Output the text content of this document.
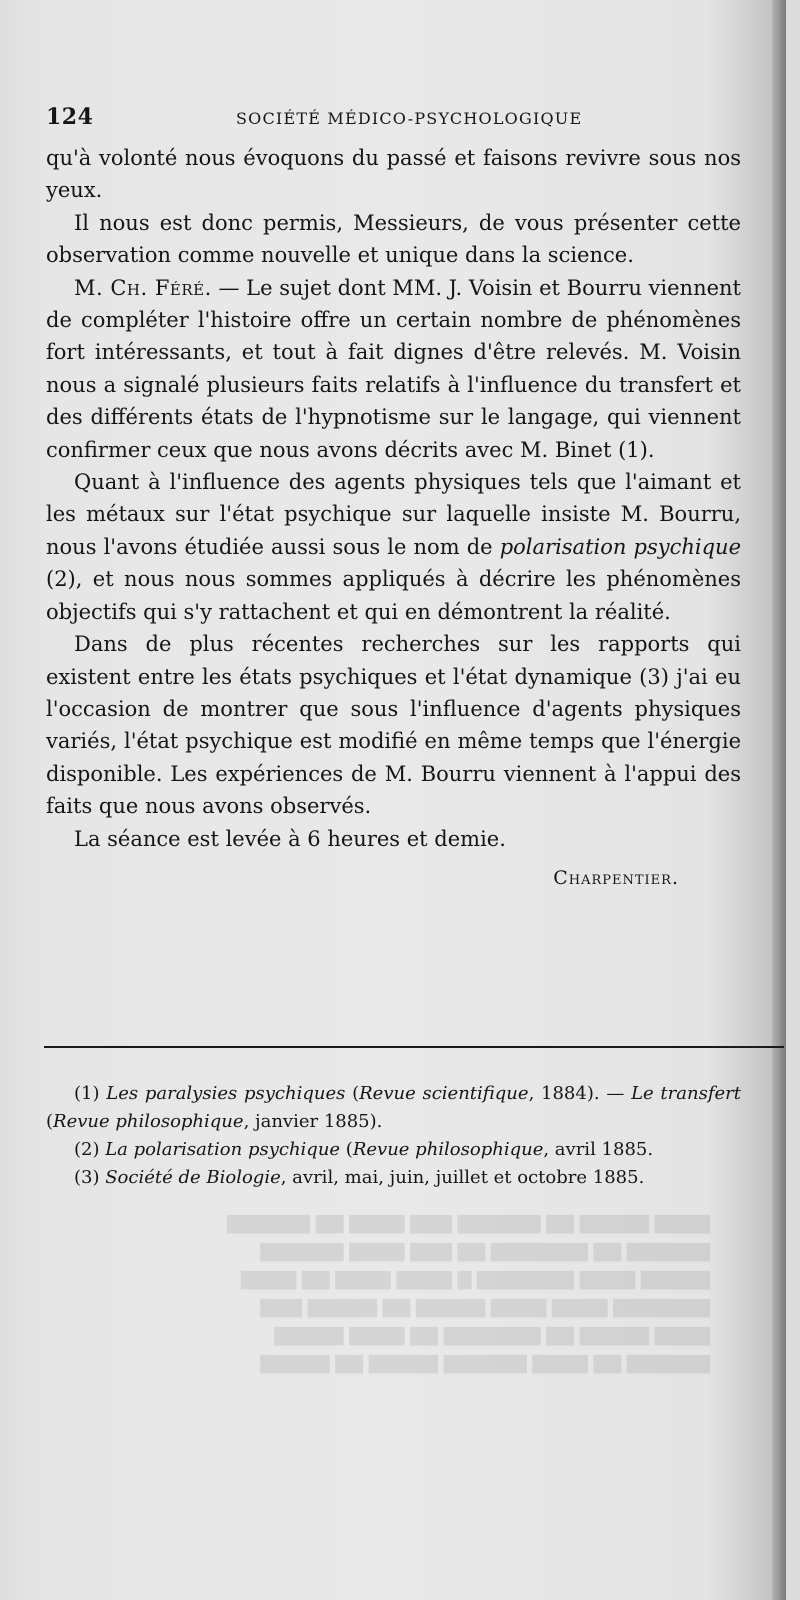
124	SOCIÉTÉ MÉDICO-PSYCHOLOGIQUE

qu'à volonté nous évoquons du passé et faisons revivre sous nos yeux.

Il nous est donc permis, Messieurs, de vous présenter cette observation comme nouvelle et unique dans la science.

M. Ch. Féré. — Le sujet dont MM. J. Voisin et Bourru viennent de compléter l'histoire offre un certain nombre de phénomènes fort intéressants, et tout à fait dignes d'être relevés. M. Voisin nous a signalé plusieurs faits relatifs à l'influence du transfert et des différents états de l'hypnotisme sur le langage, qui viennent confirmer ceux que nous avons décrits avec M. Binet (1).

Quant à l'influence des agents physiques tels que l'aimant et les métaux sur l'état psychique sur laquelle insiste M. Bourru, nous l'avons étudiée aussi sous le nom de polarisation psychique (2), et nous nous sommes appliqués à décrire les phénomènes objectifs qui s'y rattachent et qui en démontrent la réalité.

Dans de plus récentes recherches sur les rapports qui existent entre les états psychiques et l'état dynamique (3) j'ai eu l'occasion de montrer que sous l'influence d'agents physiques variés, l'état psychique est modifié en même temps que l'énergie disponible. Les expériences de M. Bourru viennent à l'appui des faits que nous avons observés.

La séance est levée à 6 heures et demie.

Charpentier.

(1) Les paralysies psychiques (Revue scientifique, 1884). — Le transfert (Revue philosophique, janvier 1885).

(2) La polarisation psychique (Revue philosophique, avril 1885.

(3) Société de Biologie, avril, mai, juin, juillet et octobre 1885.

▇▇▇▇ ▇▇▇▇▇ ▇▇ ▇▇▇▇▇▇ ▇▇▇ ▇▇▇▇ ▇▇ ▇▇▇▇▇▇
▇▇▇▇▇▇ ▇▇ ▇▇▇▇▇▇▇ ▇▇ ▇▇▇ ▇▇▇▇ ▇▇▇▇▇▇
▇▇▇▇▇ ▇▇▇▇ ▇▇▇▇▇▇▇ ▇ ▇▇▇▇ ▇▇▇▇ ▇▇ ▇▇▇▇
▇▇▇▇▇▇▇ ▇▇▇▇ ▇▇▇▇ ▇▇▇▇▇ ▇▇ ▇▇▇▇▇ ▇▇▇
▇▇▇▇ ▇▇▇▇▇ ▇▇ ▇▇▇▇▇▇▇ ▇▇ ▇▇▇▇ ▇▇▇▇▇
▇▇▇▇▇▇ ▇▇ ▇▇▇▇ ▇▇▇▇▇▇ ▇▇▇▇▇ ▇▇ ▇▇▇▇▇
